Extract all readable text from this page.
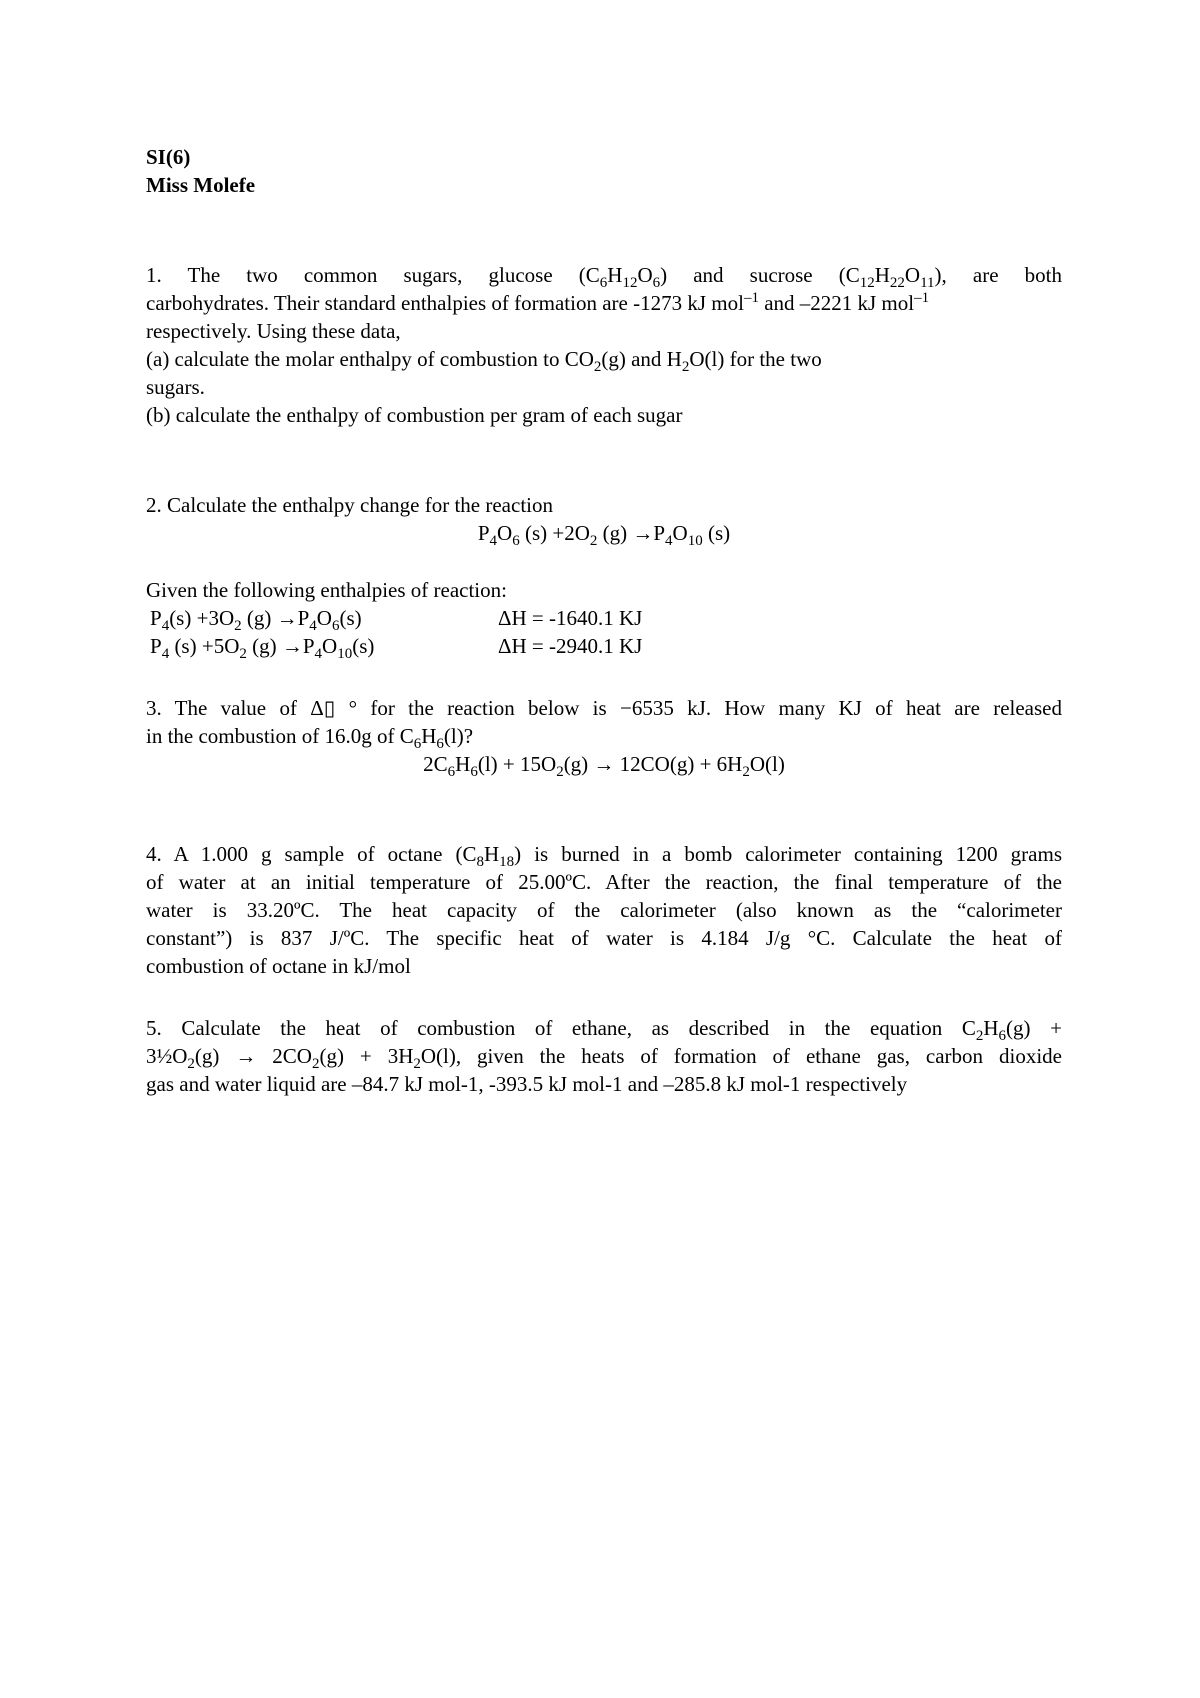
SI(6)
Miss Molefe
1. The two common sugars, glucose $(C_6H_{12}O_6)$ and sucrose $(C_{12}H_{22}O_{11})$, are both
carbohydrates. Their standard enthalpies of formation are -1273 kJ mol$^{-1}$ and –2221 kJ mol$^{-1}$
respectively. Using these data,
(a) calculate the molar enthalpy of combustion to $CO_2(g)$ and $H_2O(l)$ for the two
sugars.
(b) calculate the enthalpy of combustion per gram of each sugar
2. Calculate the enthalpy change for the reaction
$P_4O_6$ $(s) +2O_2$ $(g) \to P_4O_{10}$ (s)
Given the following enthalpies of reaction:
$P_4(s) +3O_2$ $(g) \to P_4O_6(s)$	ΔH = -1640.1 KJ
$P_4$ $(s) +5O_2$ $(g) \to P_4O_{10}(s)$	ΔH = -2940.1 KJ
3. The value of Δ▯ ° for the reaction below is −6535 kJ. How many KJ of heat are released
in the combustion of 16.0g of $C_6H_6(l)$?
$2C_6H_6(l) + 15O_2(g) \to 12CO(g) + 6H_2O(l)$
4. A 1.000 g sample of octane $(C_8H_{18})$ is burned in a bomb calorimeter containing 1200 grams
of water at an initial temperature of 25.00ºC. After the reaction, the final temperature of the
water is 33.20ºC. The heat capacity of the calorimeter (also known as the “calorimeter
constant”) is 837 J/ºC. The specific heat of water is 4.184 J/g °C. Calculate the heat of
combustion of octane in kJ/mol
5. Calculate the heat of combustion of ethane, as described in the equation $C_2H_6(g)$ +
$3\frac{1}{2}O_2(g) \to 2CO_2(g) + 3H_2O(l)$, given the heats of formation of ethane gas, carbon dioxide
gas and water liquid are –84.7 kJ mol-1, -393.5 kJ mol-1 and –285.8 kJ mol-1 respectively
